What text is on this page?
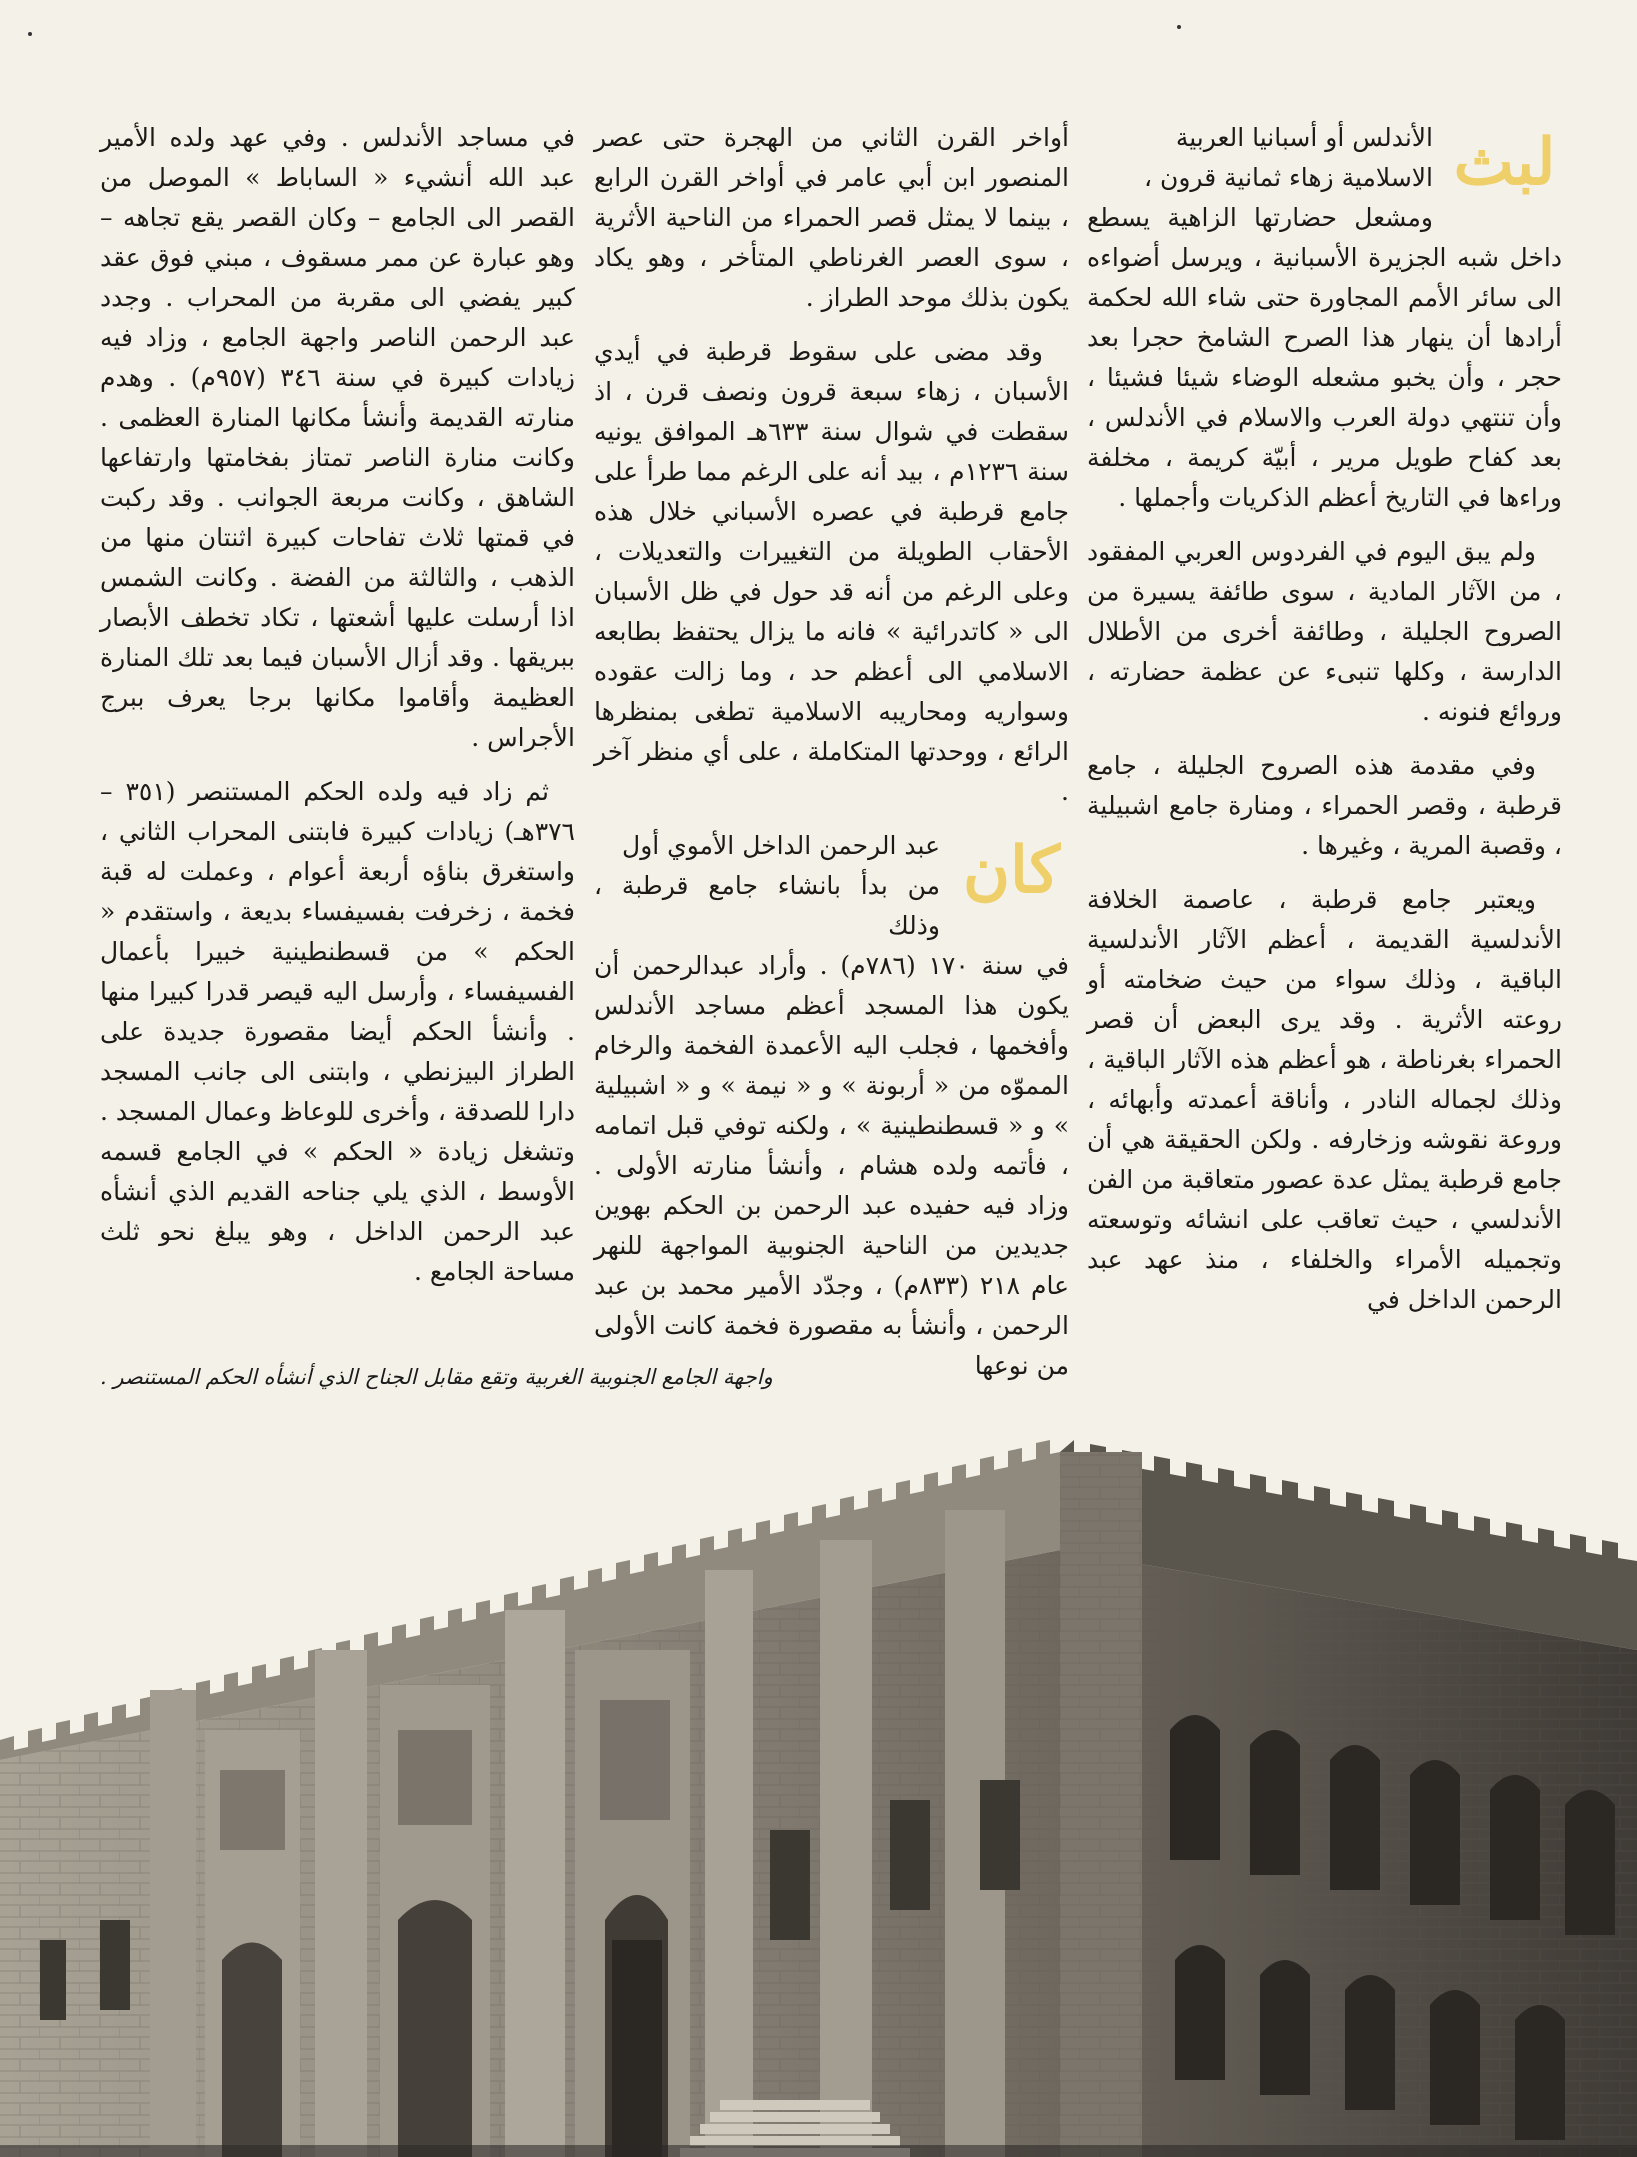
لبث
الأندلس أو أسبانيا العربية
الاسلامية زهاء ثمانية قرون ،

ومشعل حضارتها الزاهية يسطع داخل شبه الجزيرة الأسبانية ، ويرسل أضواءه الى سائر الأمم المجاورة حتى شاء الله لحكمة أرادها أن ينهار هذا الصرح الشامخ حجرا بعد حجر ، وأن يخبو مشعله الوضاء شيئا فشيئا ، وأن تنتهي دولة العرب والاسلام في الأندلس ، بعد كفاح طويل مرير ، أبيّة كريمة ، مخلفة وراءها في التاريخ أعظم الذكريات وأجملها .

ولم يبق اليوم في الفردوس العربي المفقود ، من الآثار المادية ، سوى طائفة يسيرة من الصروح الجليلة ، وطائفة أخرى من الأطلال الدارسة ، وكلها تنبىء عن عظمة حضارته ، وروائع فنونه .

وفي مقدمة هذه الصروح الجليلة ، جامع قرطبة ، وقصر الحمراء ، ومنارة جامع اشبيلية ، وقصبة المرية ، وغيرها .

ويعتبر جامع قرطبة ، عاصمة الخلافة الأندلسية القديمة ، أعظم الآثار الأندلسية الباقية ، وذلك سواء من حيث ضخامته أو روعته الأثرية . وقد يرى البعض أن قصر الحمراء بغرناطة ، هو أعظم هذه الآثار الباقية ، وذلك لجماله النادر ، وأناقة أعمدته وأبهائه ، وروعة نقوشه وزخارفه . ولكن الحقيقة هي أن جامع قرطبة يمثل عدة عصور متعاقبة من الفن الأندلسي ، حيث تعاقب على انشائه وتوسعته وتجميله الأمراء والخلفاء ، منذ عهد عبد الرحمن الداخل في

أواخر القرن الثاني من الهجرة حتى عصر المنصور ابن أبي عامر في أواخر القرن الرابع ، بينما لا يمثل قصر الحمراء من الناحية الأثرية ، سوى العصر الغرناطي المتأخر ، وهو يكاد يكون بذلك موحد الطراز .

وقد مضى على سقوط قرطبة في أيدي الأسبان ، زهاء سبعة قرون ونصف قرن ، اذ سقطت في شوال سنة ٦٣٣هـ الموافق يونيه سنة ١٢٣٦م ، بيد أنه على الرغم مما طرأ على جامع قرطبة في عصره الأسباني خلال هذه الأحقاب الطويلة من التغييرات والتعديلات ، وعلى الرغم من أنه قد حول في ظل الأسبان الى « كاتدرائية » فانه ما يزال يحتفظ بطابعه الاسلامي الى أعظم حد ، وما زالت عقوده وسواريه ومحاريبه الاسلامية تطغى بمنظرها الرائع ، ووحدتها المتكاملة ، على أي منظر آخر .

كان
عبد الرحمن الداخل الأموي أول
من بدأ بانشاء جامع قرطبة ، وذلك

في سنة ١٧٠ (٧٨٦م) . وأراد عبدالرحمن أن يكون هذا المسجد أعظم مساجد الأندلس وأفخمها ، فجلب اليه الأعمدة الفخمة والرخام المموّه من « أربونة » و « نيمة » و « اشبيلية » و « قسطنطينية » ، ولكنه توفي قبل اتمامه ، فأتمه ولده هشام ، وأنشأ منارته الأولى . وزاد فيه حفيده عبد الرحمن بن الحكم بهوين جديدين من الناحية الجنوبية المواجهة للنهر عام ٢١٨ (٨٣٣م) ، وجدّد الأمير محمد بن عبد الرحمن ، وأنشأ به مقصورة فخمة كانت الأولى من نوعها

في مساجد الأندلس . وفي عهد ولده الأمير عبد الله أنشيء « الساباط » الموصل من القصر الى الجامع – وكان القصر يقع تجاهه – وهو عبارة عن ممر مسقوف ، مبني فوق عقد كبير يفضي الى مقربة من المحراب . وجدد عبد الرحمن الناصر واجهة الجامع ، وزاد فيه زيادات كبيرة في سنة ٣٤٦ (٩٥٧م) . وهدم منارته القديمة وأنشأ مكانها المنارة العظمى . وكانت منارة الناصر تمتاز بفخامتها وارتفاعها الشاهق ، وكانت مربعة الجوانب . وقد ركبت في قمتها ثلاث تفاحات كبيرة اثنتان منها من الذهب ، والثالثة من الفضة . وكانت الشمس اذا أرسلت عليها أشعتها ، تكاد تخطف الأبصار ببريقها . وقد أزال الأسبان فيما بعد تلك المنارة العظيمة وأقاموا مكانها برجا يعرف ببرج الأجراس .

ثم زاد فيه ولده الحكم المستنصر (٣٥١ – ٣٧٦هـ) زيادات كبيرة فابتنى المحراب الثاني ، واستغرق بناؤه أربعة أعوام ، وعملت له قبة فخمة ، زخرفت بفسيفساء بديعة ، واستقدم « الحكم » من قسطنطينية خبيرا بأعمال الفسيفساء ، وأرسل اليه قيصر قدرا كبيرا منها . وأنشأ الحكم أيضا مقصورة جديدة على الطراز البيزنطي ، وابتنى الى جانب المسجد دارا للصدقة ، وأخرى للوعاظ وعمال المسجد . وتشغل زيادة « الحكم » في الجامع قسمه الأوسط ، الذي يلي جناحه القديم الذي أنشأه عبد الرحمن الداخل ، وهو يبلغ نحو ثلث مساحة الجامع .

واجهة الجامع الجنوبية الغربية وتقع مقابل الجناح الذي أنشأه الحكم المستنصر .
